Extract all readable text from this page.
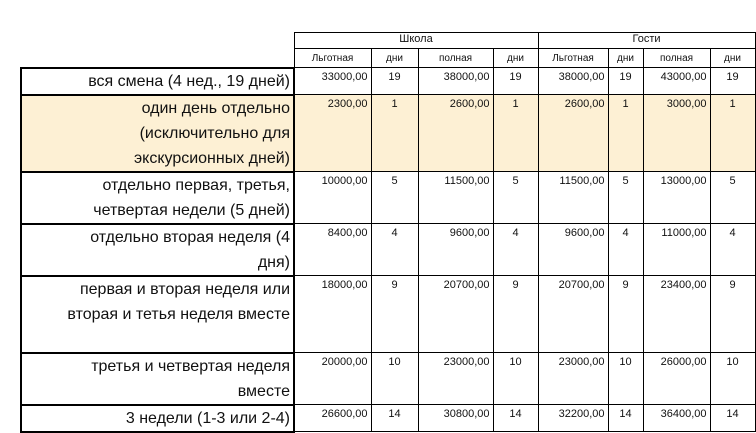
	Школа				Гости			
	Льготная	дни	полная	дни	Льготная	дни	полная	дни

вся смена (4 нед., 19 дней)	33000,00	19	38000,00	19	38000,00	19	43000,00	19

один день отдельно
(исключительно для
экскурсионных дней)	2300,00	1	2600,00	1	2600,00	1	3000,00	1

отдельно первая, третья,
четвертая недели (5 дней)	10000,00	5	11500,00	5	11500,00	5	13000,00	5

отдельно вторая неделя (4
дня)	8400,00	4	9600,00	4	9600,00	4	11000,00	4

первая и вторая неделя или
вторая и тетья неделя вместе	18000,00	9	20700,00	9	20700,00	9	23400,00	9

третья и четвертая неделя
вместе	20000,00	10	23000,00	10	23000,00	10	26000,00	10

3 недели (1-3 или 2-4)	26600,00	14	30800,00	14	32200,00	14	36400,00	14
